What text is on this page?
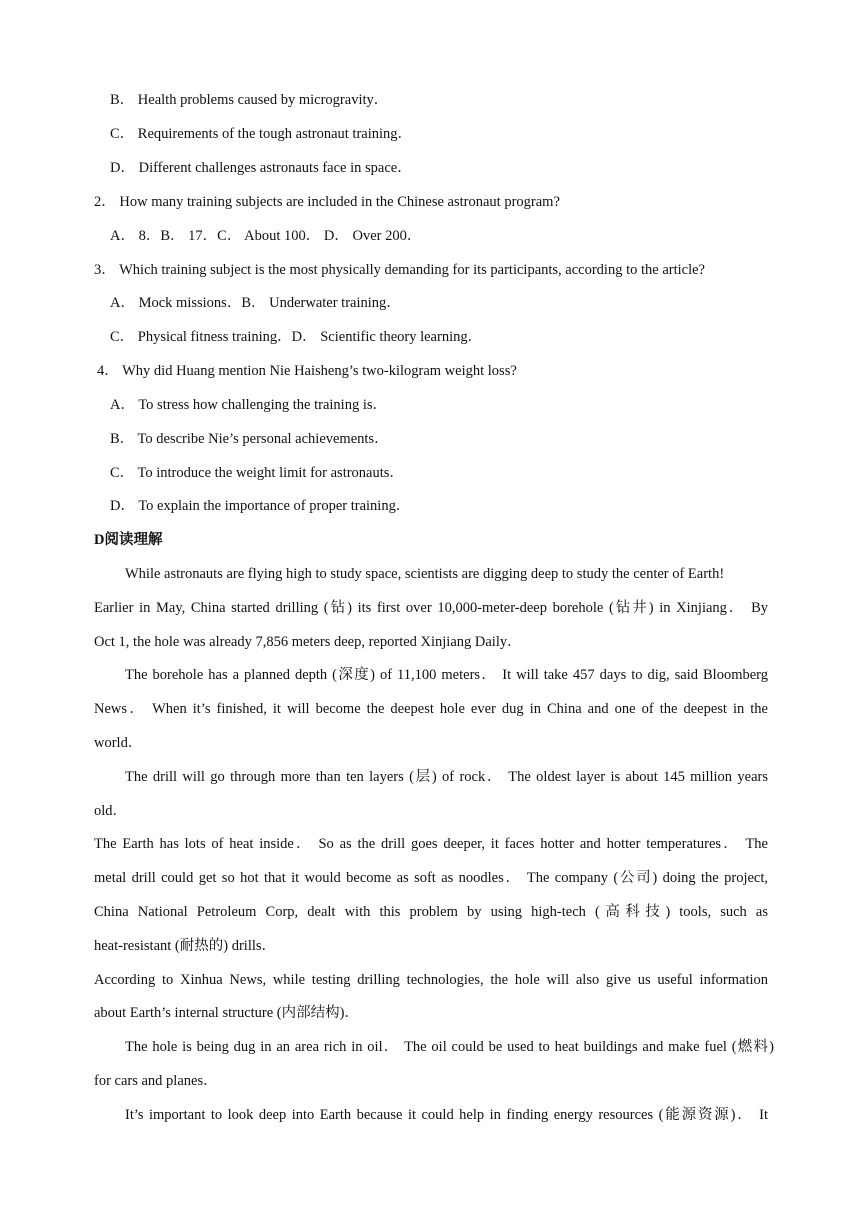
B． Health problems caused by microgravity．
C． Requirements of the tough astronaut training．
D． Different challenges astronauts face in space．
2． How many training subjects are included in the Chinese astronaut program?
A． 8．B． 17．C． About 100． D． Over 200．
3． Which training subject is the most physically demanding for its participants, according to the article?
A． Mock missions．B． Underwater training．
C． Physical fitness training．D． Scientific theory learning．
4． Why did Huang mention Nie Haisheng’s two-kilogram weight loss?
A． To stress how challenging the training is．
B． To describe Nie’s personal achievements．
C． To introduce the weight limit for astronauts．
D． To explain the importance of proper training．
D阅读理解
While astronauts are flying high to study space, scientists are digging deep to study the center of Earth!
Earlier in May, China started drilling (钻) its first over 10,000-meter-deep borehole (钻井) in Xinjiang． By
Oct 1, the hole was already 7,856 meters deep, reported Xinjiang Daily．
The borehole has a planned depth (深度) of 11,100 meters． It will take 457 days to dig, said Bloomberg
News． When it’s finished, it will become the deepest hole ever dug in China and one of the deepest in the
world．
The drill will go through more than ten layers (层) of rock． The oldest layer is about 145 million years
old．
The Earth has lots of heat inside． So as the drill goes deeper, it faces hotter and hotter temperatures． The
metal drill could get so hot that it would become as soft as noodles． The company (公司) doing the project,
China National Petroleum Corp, dealt with this problem by using high-tech (高科技) tools, such as
heat-resistant (耐热的) drills．
According to Xinhua News, while testing drilling technologies, the hole will also give us useful information
about Earth’s internal structure (内部结构)．
The hole is being dug in an area rich in oil． The oil could be used to heat buildings and make fuel (燃料)
for cars and planes．
It’s important to look deep into Earth because it could help in finding energy resources (能源资源)． It
